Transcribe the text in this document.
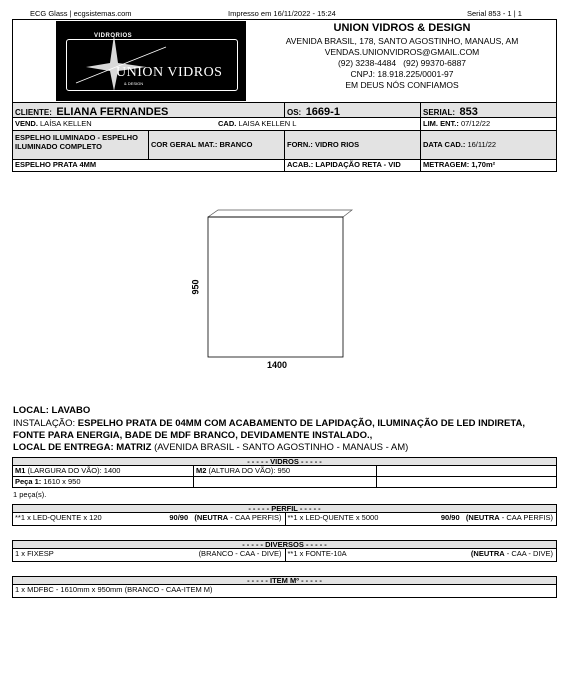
ECG Glass | ecgsistemas.com	Impresso em 16/11/2022 - 15:24	Serial 853 - 1 | 1
VIDRORIOS
UNION VIDROS
& DESIGN
UNION VIDROS & DESIGN
AVENIDA BRASIL, 178, SANTO AGOSTINHO, MANAUS, AM
VENDAS.UNIONVIDROS@GMAIL.COM
(92) 3238-4484   (92) 99370-6887
CNPJ: 18.918.225/0001-97
EM DEUS NÓS CONFIAMOS
CLIENTE: ELIANA FERNANDES	OS: 1669-1	SERIAL: 853
VEND. LAÍSA KELLEN	CAD. LAISA KELLEN L	LIM. ENT.: 07/12/22
ESPELHO ILUMINADO - ESPELHO ILUMINADO COMPLETO	COR GERAL MAT.: BRANCO	FORN.: VIDRO RIOS	DATA CAD.: 16/11/22
ESPELHO PRATA 4MM	ACAB.: LAPIDAÇÃO RETA - VID	METRAGEM: 1,70m²
1400
950
LOCAL: LAVABO
INSTALAÇÃO: ESPELHO PRATA DE 04MM COM ACABAMENTO DE LAPIDAÇÃO, ILUMINAÇÃO DE LED INDIRETA,
FONTE PARA ENERGIA, BADE DE MDF BRANCO, DEVIDAMENTE INSTALADO.,
LOCAL DE ENTREGA: MATRIZ (AVENIDA BRASIL - SANTO AGOSTINHO - MANAUS - AM)
- - - - - VIDROS - - - - -
M1 (LARGURA DO VÃO): 1400	M2 (ALTURA DO VÃO): 950
Peça 1: 1610 x 950
1 peça(s).
- - - - - PERFIL - - - - -
**1 x LED-QUENTE x 120	90/90 (NEUTRA - CAA PERFIS) **1 x LED-QUENTE x 5000	90/90 (NEUTRA - CAA PERFIS)
- - - - - DIVERSOS - - - - -
1 x FIXESP	(BRANCO - CAA - DIVE) **1 x FONTE-10A	(NEUTRA - CAA - DIVE)
- - - - - ITEM Mº - - - - -
1 x MDFBC - 1610mm x 950mm (BRANCO - CAA-ITEM M)
